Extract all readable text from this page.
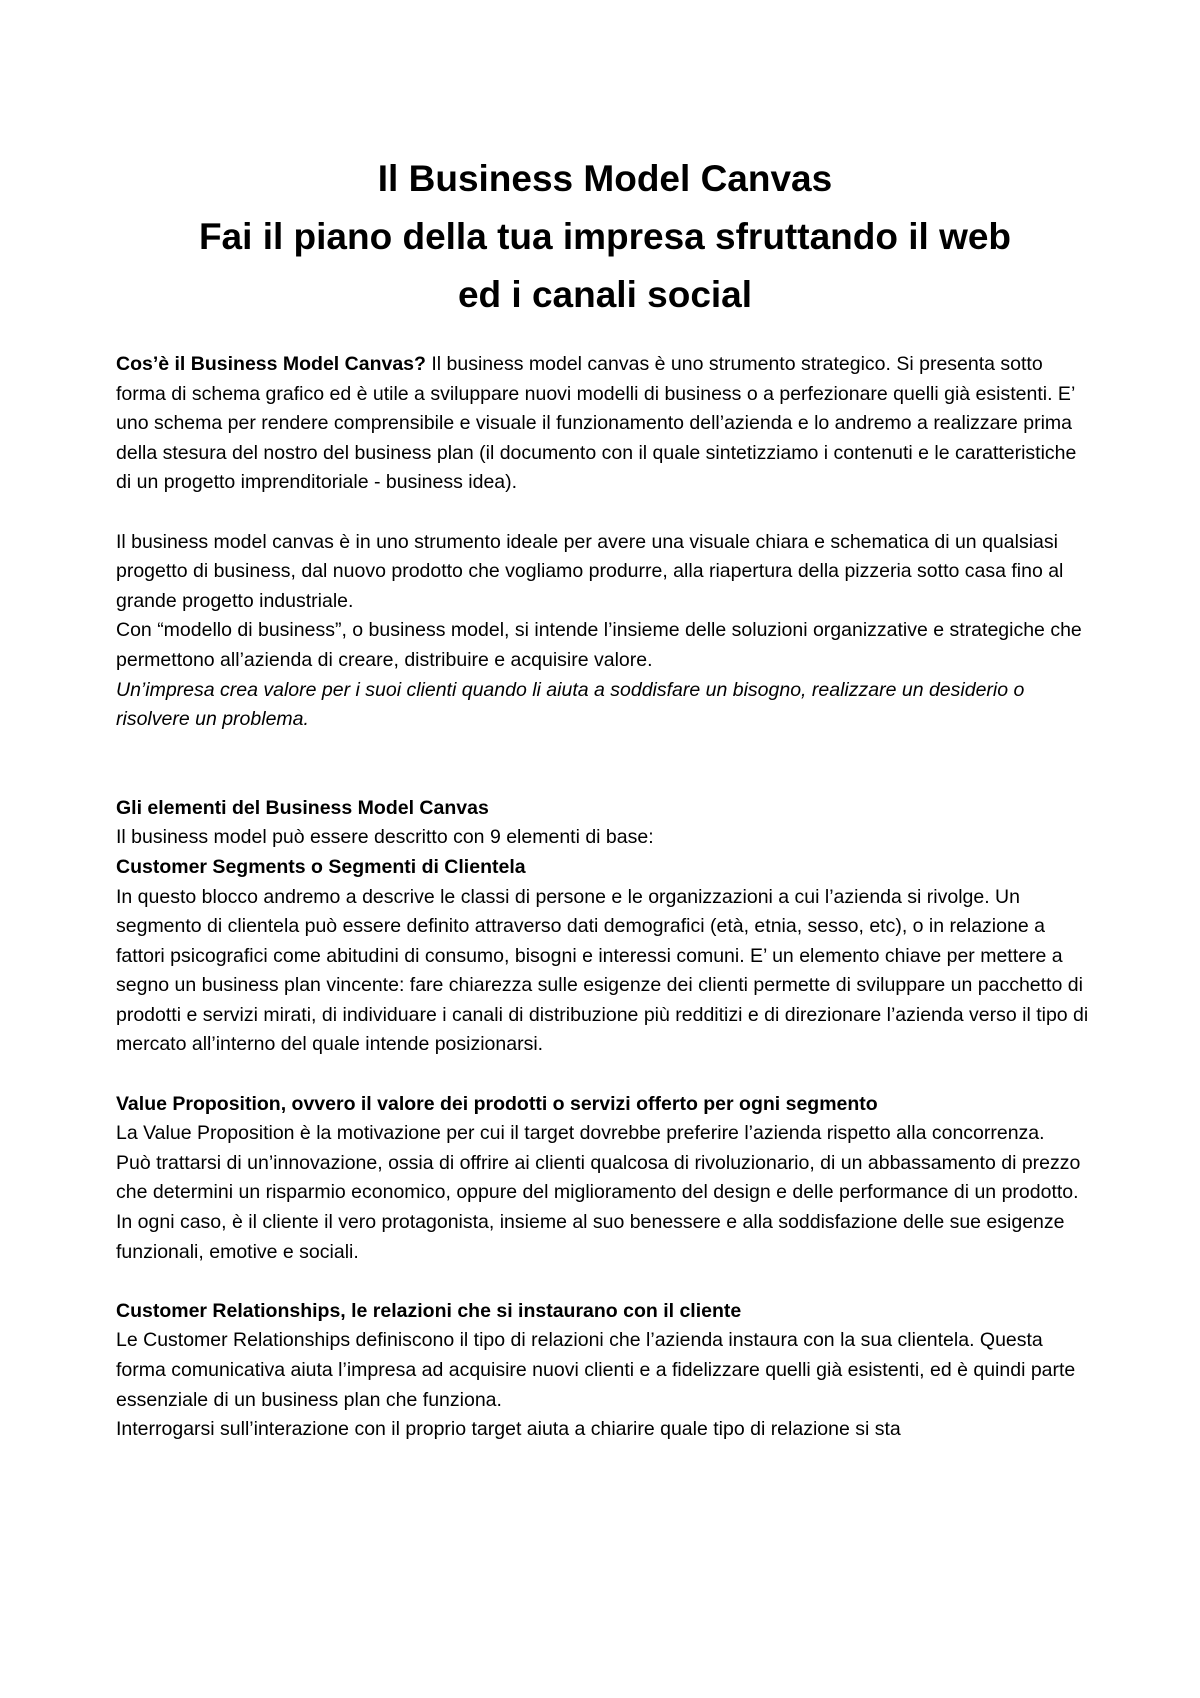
Il Business Model Canvas
Fai il piano della tua impresa sfruttando il web
ed i canali social

Cos’è il Business Model Canvas? Il business model canvas è uno strumento strategico. Si presenta sotto forma di schema grafico ed è utile a sviluppare nuovi modelli di business o a perfezionare quelli già esistenti. E’ uno schema per rendere comprensibile e visuale il funzionamento dell’azienda e lo andremo a realizzare prima della stesura del nostro del business plan (il documento con il quale sintetizziamo i contenuti e le caratteristiche di un progetto imprenditoriale - business idea).

Il business model canvas è in uno strumento ideale per avere una visuale chiara e schematica di un qualsiasi progetto di business, dal nuovo prodotto che vogliamo produrre, alla riapertura della pizzeria sotto casa fino al grande progetto industriale.

Con “modello di business”, o business model, si intende l’insieme delle soluzioni organizzative e strategiche che permettono all’azienda di creare, distribuire e acquisire valore.

Un’impresa crea valore per i suoi clienti quando li aiuta a soddisfare un bisogno, realizzare un desiderio o risolvere un problema.

Gli elementi del Business Model Canvas

Il business model può essere descritto con 9 elementi di base:

Customer Segments o Segmenti di Clientela

In questo blocco andremo a descrive le classi di persone e le organizzazioni a cui l’azienda si rivolge. Un segmento di clientela può essere definito attraverso dati demografici (età, etnia, sesso, etc), o in relazione a fattori psicografici come abitudini di consumo, bisogni e interessi comuni. E’ un elemento chiave per mettere a segno un business plan vincente: fare chiarezza sulle esigenze dei clienti permette di sviluppare un pacchetto di prodotti e servizi mirati, di individuare i canali di distribuzione più redditizi e di direzionare l’azienda verso il tipo di mercato all’interno del quale intende posizionarsi.

Value Proposition, ovvero il valore dei prodotti o servizi offerto per ogni segmento

La Value Proposition è la motivazione per cui il target dovrebbe preferire l’azienda rispetto alla concorrenza.

Può trattarsi di un’innovazione, ossia di offrire ai clienti qualcosa di rivoluzionario, di un abbassamento di prezzo che determini un risparmio economico, oppure del miglioramento del design e delle performance di un prodotto. In ogni caso, è il cliente il vero protagonista, insieme al suo benessere e alla soddisfazione delle sue esigenze funzionali, emotive e sociali.

Customer Relationships, le relazioni che si instaurano con il cliente

Le Customer Relationships definiscono il tipo di relazioni che l’azienda instaura con la sua clientela. Questa forma comunicativa aiuta l’impresa ad acquisire nuovi clienti e a fidelizzare quelli già esistenti, ed è quindi parte essenziale di un business plan che funziona.

Interrogarsi sull’interazione con il proprio target aiuta a chiarire quale tipo di relazione si sta
